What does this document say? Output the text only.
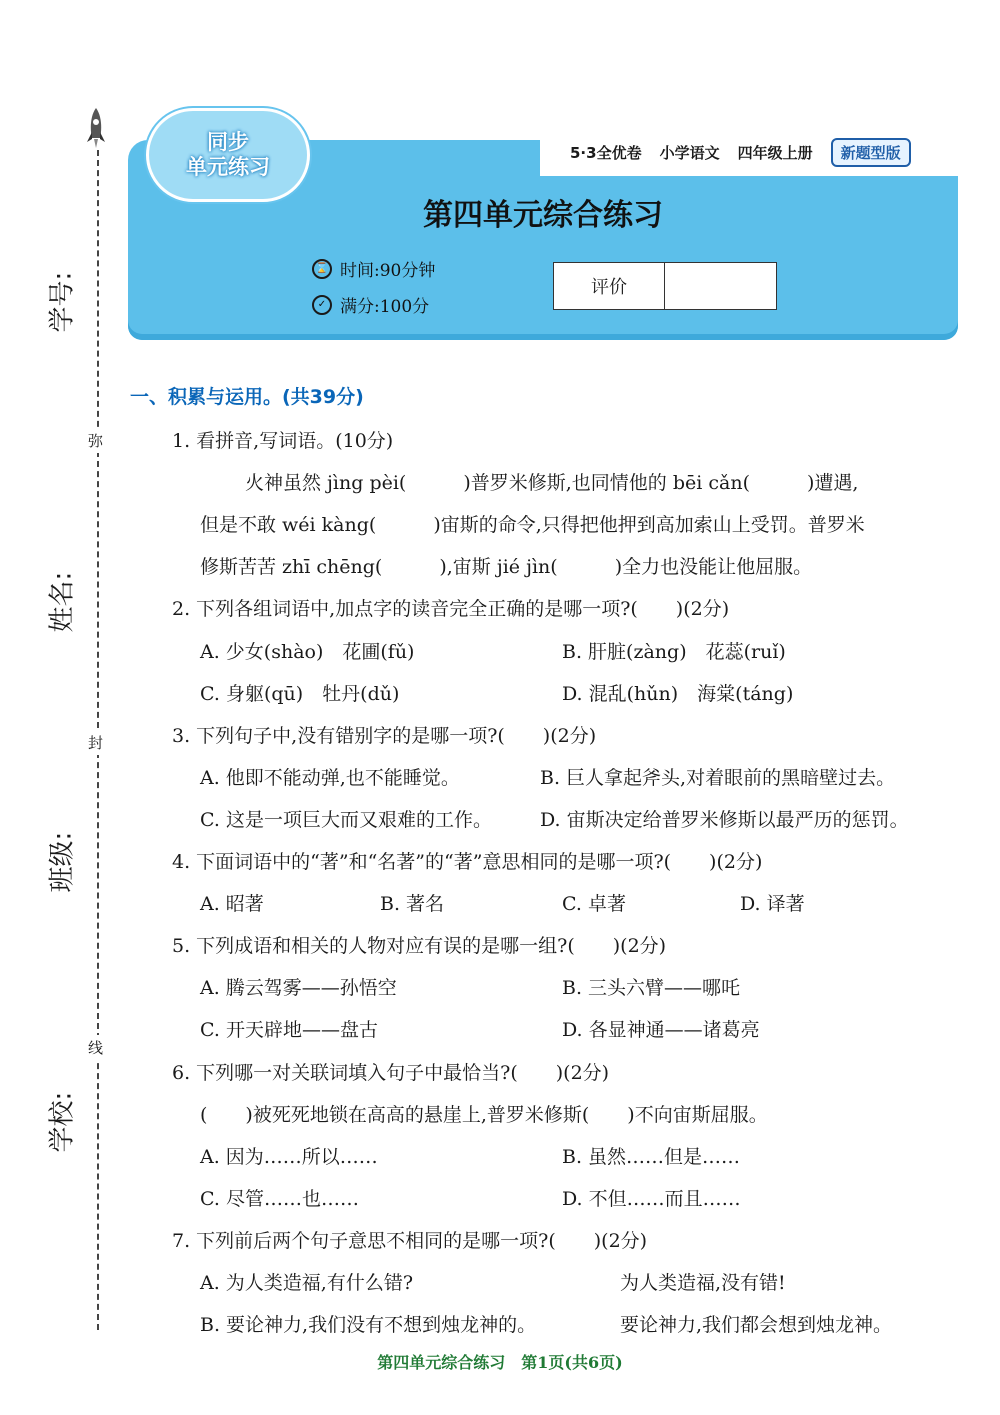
学号:
姓名:
班级:
学校:
弥
封
线
5·3全优卷 小学语文 四年级上册	新题型版
同步
单元练习
第四单元综合练习
⌛ 时间:90分钟
✓ 满分:100分
评价
一、积累与运用。(共39分)
1. 看拼音,写词语。(10分)
火神虽然 jìng pèi(　　　)普罗米修斯,也同情他的 bēi cǎn(　　　)遭遇,
但是不敢 wéi kàng(　　　)宙斯的命令,只得把他押到高加索山上受罚。普罗米
修斯苦苦 zhī chēng(　　　),宙斯 jié jìn(　　　)全力也没能让他屈服。
2. 下列各组词语中,加点字的读音完全正确的是哪一项?(　　)(2分)
A. 少女(shào)　花圃(fǔ)	B. 肝脏(zàng)　花蕊(ruǐ)
C. 身躯(qū)　牡丹(dǔ)	D. 混乱(hǔn)　海棠(táng)
3. 下列句子中,没有错别字的是哪一项?(　　)(2分)
A. 他即不能动弹,也不能睡觉。	B. 巨人拿起斧头,对着眼前的黑暗壁过去。
C. 这是一项巨大而又艰难的工作。	D. 宙斯决定给普罗米修斯以最严历的惩罚。
4. 下面词语中的“著”和“名著”的“著”意思相同的是哪一项?(　　)(2分)
A. 昭著	B. 著名	C. 卓著	D. 译著
5. 下列成语和相关的人物对应有误的是哪一组?(　　)(2分)
A. 腾云驾雾——孙悟空	B. 三头六臂——哪吒
C. 开天辟地——盘古	D. 各显神通——诸葛亮
6. 下列哪一对关联词填入句子中最恰当?(　　)(2分)
(　　)被死死地锁在高高的悬崖上,普罗米修斯(　　)不向宙斯屈服。
A. 因为……所以……	B. 虽然……但是……
C. 尽管……也……	D. 不但……而且……
7. 下列前后两个句子意思不相同的是哪一项?(　　)(2分)
A. 为人类造福,有什么错?	为人类造福,没有错!
B. 要论神力,我们没有不想到烛龙神的。	要论神力,我们都会想到烛龙神。
第四单元综合练习　第1页(共6页)
